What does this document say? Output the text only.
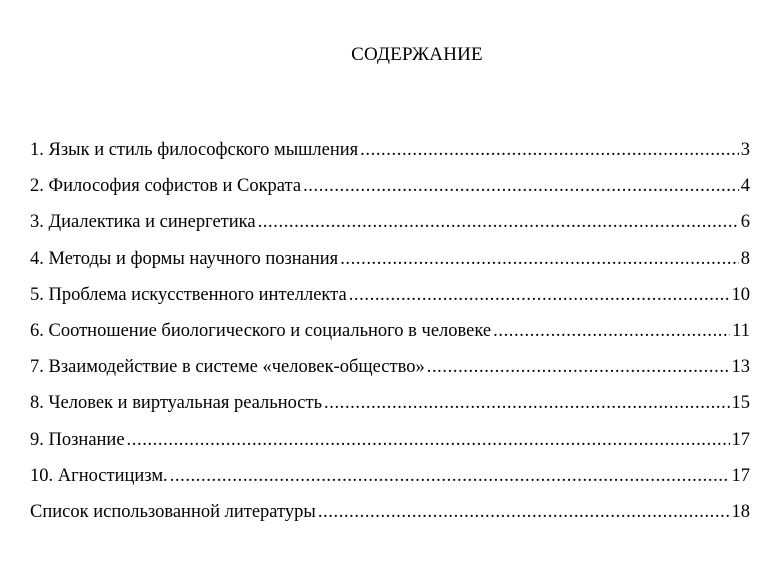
СОДЕРЖАНИЕ
1. Язык и стиль философского мышления .....	3
2. Философия софистов и Сократа .....	4
3. Диалектика и синергетика .....	6
4. Методы и формы научного познания .....	8
5. Проблема искусственного интеллекта .....	10
6. Соотношение биологического и социального в человеке .....	11
7. Взаимодействие в системе «человек-общество» .....	13
8. Человек и виртуальная реальность .....	15
9. Познание .....	17
10. Агностицизм. .....	17
Список использованной литературы .....	18
